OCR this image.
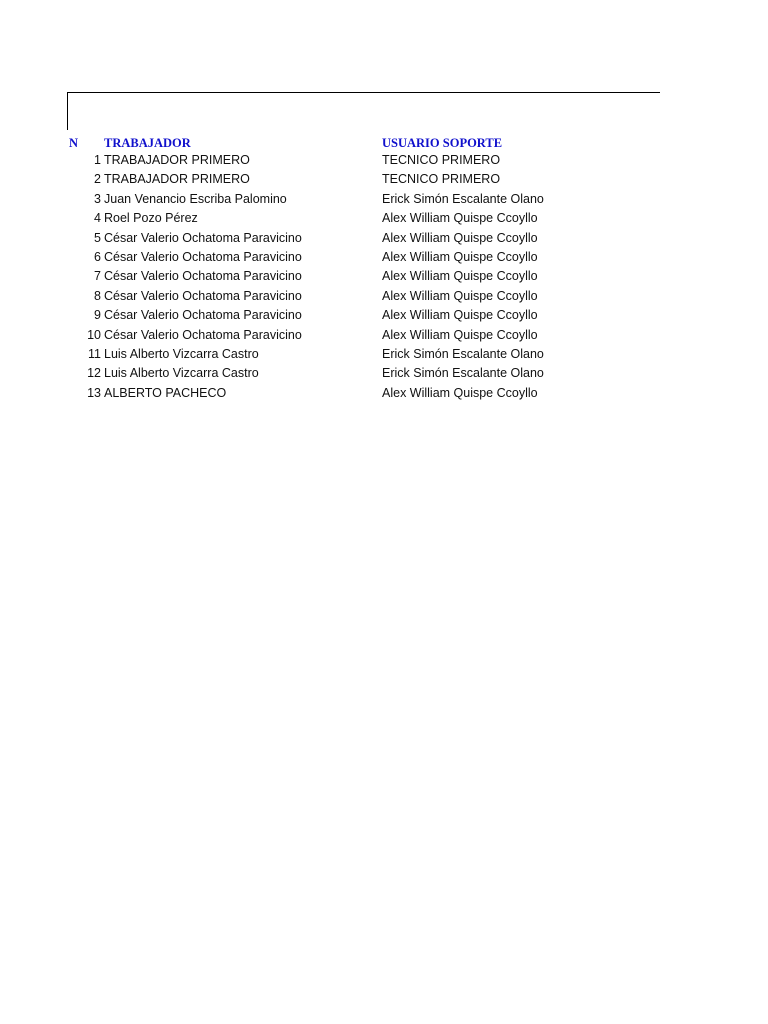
N TRABAJADOR	USUARIO SOPORTE
1 TRABAJADOR PRIMERO	TECNICO PRIMERO
2 TRABAJADOR PRIMERO	TECNICO PRIMERO
3 Juan Venancio Escriba Palomino	Erick Simón Escalante Olano
4 Roel Pozo Pérez	Alex William Quispe Ccoyllo
5 César Valerio Ochatoma Paravicino	Alex William Quispe Ccoyllo
6 César Valerio Ochatoma Paravicino	Alex William Quispe Ccoyllo
7 César Valerio Ochatoma Paravicino	Alex William Quispe Ccoyllo
8 César Valerio Ochatoma Paravicino	Alex William Quispe Ccoyllo
9 César Valerio Ochatoma Paravicino	Alex William Quispe Ccoyllo
10 César Valerio Ochatoma Paravicino	Alex William Quispe Ccoyllo
11 Luis Alberto Vizcarra Castro	Erick Simón Escalante Olano
12 Luis Alberto Vizcarra Castro	Erick Simón Escalante Olano
13 ALBERTO PACHECO	Alex William Quispe Ccoyllo
